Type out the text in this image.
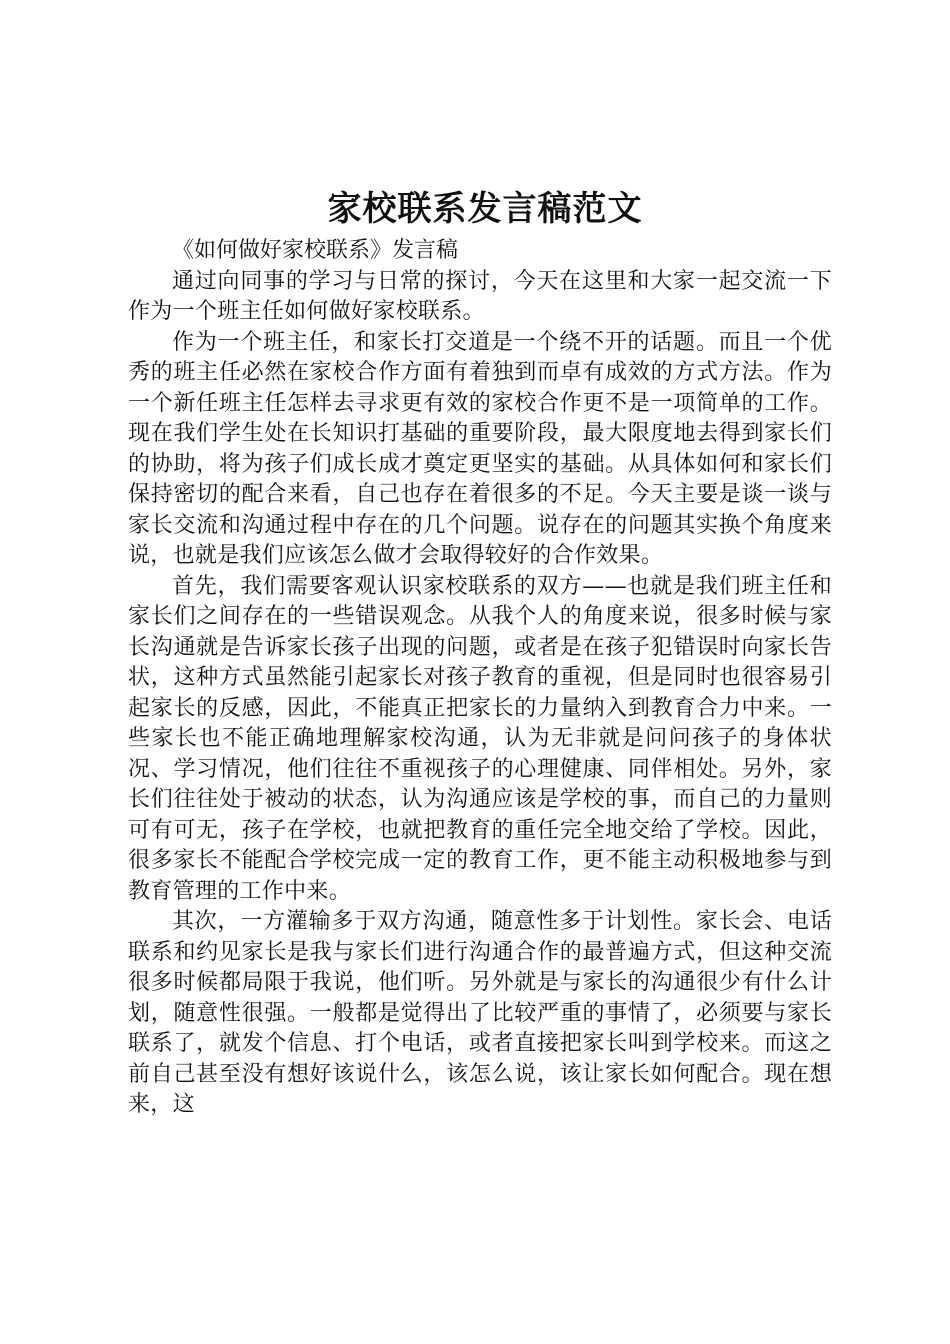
家校联系发言稿范文

《如何做好家校联系》发言稿

通过向同事的学习与日常的探讨，今天在这里和大家一起交流一下作为一个班主任如何做好家校联系。

作为一个班主任，和家长打交道是一个绕不开的话题。而且一个优秀的班主任必然在家校合作方面有着独到而卓有成效的方式方法。作为一个新任班主任怎样去寻求更有效的家校合作更不是一项简单的工作。现在我们学生处在长知识打基础的重要阶段，最大限度地去得到家长们的协助，将为孩子们成长成才奠定更坚实的基础。从具体如何和家长们保持密切的配合来看，自己也存在着很多的不足。今天主要是谈一谈与家长交流和沟通过程中存在的几个问题。说存在的问题其实换个角度来说，也就是我们应该怎么做才会取得较好的合作效果。

首先，我们需要客观认识家校联系的双方——也就是我们班主任和家长们之间存在的一些错误观念。从我个人的角度来说，很多时候与家长沟通就是告诉家长孩子出现的问题，或者是在孩子犯错误时向家长告状，这种方式虽然能引起家长对孩子教育的重视，但是同时也很容易引起家长的反感，因此，不能真正把家长的力量纳入到教育合力中来。一些家长也不能正确地理解家校沟通，认为无非就是问问孩子的身体状况、学习情况，他们往往不重视孩子的心理健康、同伴相处。另外，家长们往往处于被动的状态，认为沟通应该是学校的事，而自己的力量则可有可无，孩子在学校，也就把教育的重任完全地交给了学校。因此，很多家长不能配合学校完成一定的教育工作，更不能主动积极地参与到教育管理的工作中来。

其次，一方灌输多于双方沟通，随意性多于计划性。家长会、电话联系和约见家长是我与家长们进行沟通合作的最普遍方式，但这种交流很多时候都局限于我说，他们听。另外就是与家长的沟通很少有什么计划，随意性很强。一般都是觉得出了比较严重的事情了，必须要与家长联系了，就发个信息、打个电话，或者直接把家长叫到学校来。而这之前自己甚至没有想好该说什么，该怎么说，该让家长如何配合。现在想来，这
